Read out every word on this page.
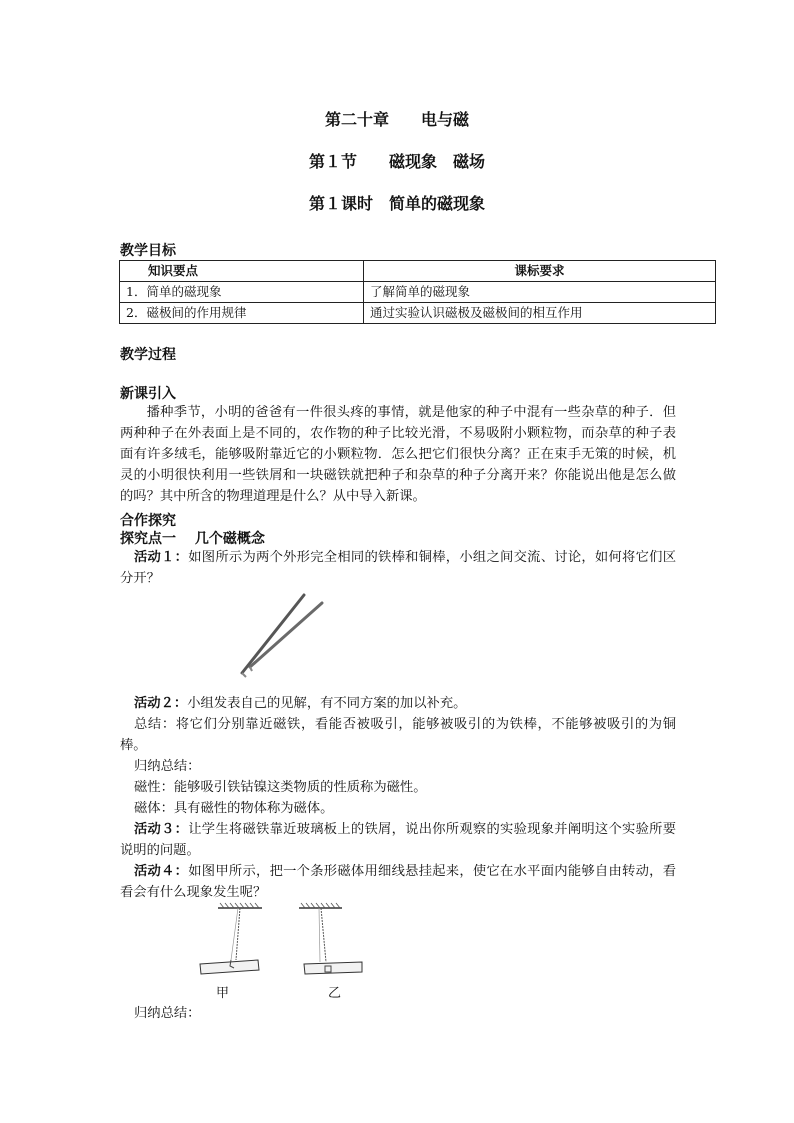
第二十章　　电与磁
第１节　　磁现象　磁场
第１课时　简单的磁现象
教学目标
知识要点	课标要求
1．简单的磁现象	了解简单的磁现象
2．磁极间的作用规律	通过实验认识磁极及磁极间的相互作用
教学过程
新课引入
播种季节，小明的爸爸有一件很头疼的事情，就是他家的种子中混有一些杂草的种子．但两种种子在外表面上是不同的，农作物的种子比较光滑，不易吸附小颗粒物，而杂草的种子表面有许多绒毛，能够吸附靠近它的小颗粒物．怎么把它们很快分离？正在束手无策的时候，机灵的小明很快利用一些铁屑和一块磁铁就把种子和杂草的种子分离开来？你能说出他是怎么做的吗？其中所含的物理道理是什么？从中导入新课。
合作探究
探究点一　 几个磁概念
活动１：如图所示为两个外形完全相同的铁棒和铜棒，小组之间交流、讨论，如何将它们区分开？
活动２：小组发表自己的见解，有不同方案的加以补充。
总结：将它们分别靠近磁铁，看能否被吸引，能够被吸引的为铁棒，不能够被吸引的为铜棒。
归纳总结：
磁性：能够吸引铁钴镍这类物质的性质称为磁性。
磁体：具有磁性的物体称为磁体。
活动３：让学生将磁铁靠近玻璃板上的铁屑，说出你所观察的实验现象并阐明这个实验所要说明的问题。
活动４：如图甲所示，把一个条形磁体用细线悬挂起来，使它在水平面内能够自由转动，看看会有什么现象发生呢？
甲	乙
归纳总结：
